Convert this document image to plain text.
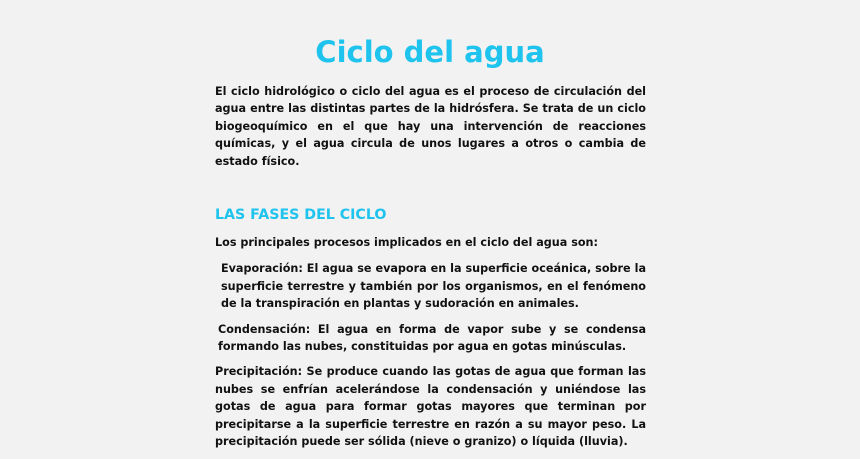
Ciclo del agua

El ciclo hidrológico o ciclo del agua es el proceso de circulación del agua entre las distintas partes de la hidrósfera. Se trata de un ciclo biogeoquímico en el que hay una intervención de reacciones químicas, y el agua circula de unos lugares a otros o cambia de estado físico.

LAS FASES DEL CICLO

Los principales procesos implicados en el ciclo del agua son:

Evaporación: El agua se evapora en la superficie oceánica, sobre la superficie terrestre y también por los organismos, en el fenómeno de la transpiración en plantas y sudoración en animales.

Condensación: El agua en forma de vapor sube y se condensa formando las nubes, constituidas por agua en gotas minúsculas.

Precipitación: Se produce cuando las gotas de agua que forman las nubes se enfrían acelerándose la condensación y uniéndose las gotas de agua para formar gotas mayores que terminan por precipitarse a la superficie terrestre en razón a su mayor peso. La precipitación puede ser sólida (nieve o granizo) o líquida (lluvia).
